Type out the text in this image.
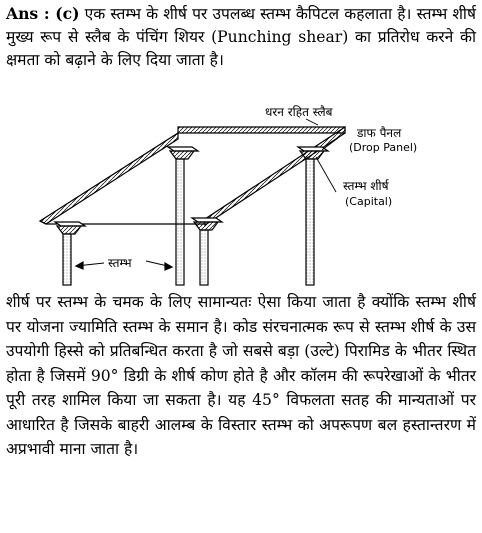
Ans : (c) एक स्तम्भ के शीर्ष पर उपलब्ध स्तम्भ कैपिटल कहलाता है। स्तम्भ शीर्ष मुख्य रूप से स्लैब के पंचिंग शियर (Punching shear) का प्रतिरोध करने की क्षमता को बढ़ाने के लिए दिया जाता है।

धरन रहित स्लैब
डाफ पैनल
(Drop Panel)
स्तम्भ शीर्ष
(Capital)
स्तम्भ

शीर्ष पर स्तम्भ के चमक के लिए सामान्यतः ऐसा किया जाता है क्योंकि स्तम्भ शीर्ष पर योजना ज्यामिति स्तम्भ के समान है। कोड संरचनात्मक रूप से स्तम्भ शीर्ष के उस उपयोगी हिस्से को प्रतिबन्धित करता है जो सबसे बड़ा (उल्टे) पिरामिड के भीतर स्थित होता है जिसमें 90° डिग्री के शीर्ष कोण होते है और कॉलम की रूपरेखाओं के भीतर पूरी तरह शामिल किया जा सकता है। यह 45° विफलता सतह की मान्यताओं पर आधारित है जिसके बाहरी आलम्ब के विस्तार स्तम्भ को अपरूपण बल हस्तान्तरण में अप्रभावी माना जाता है।
